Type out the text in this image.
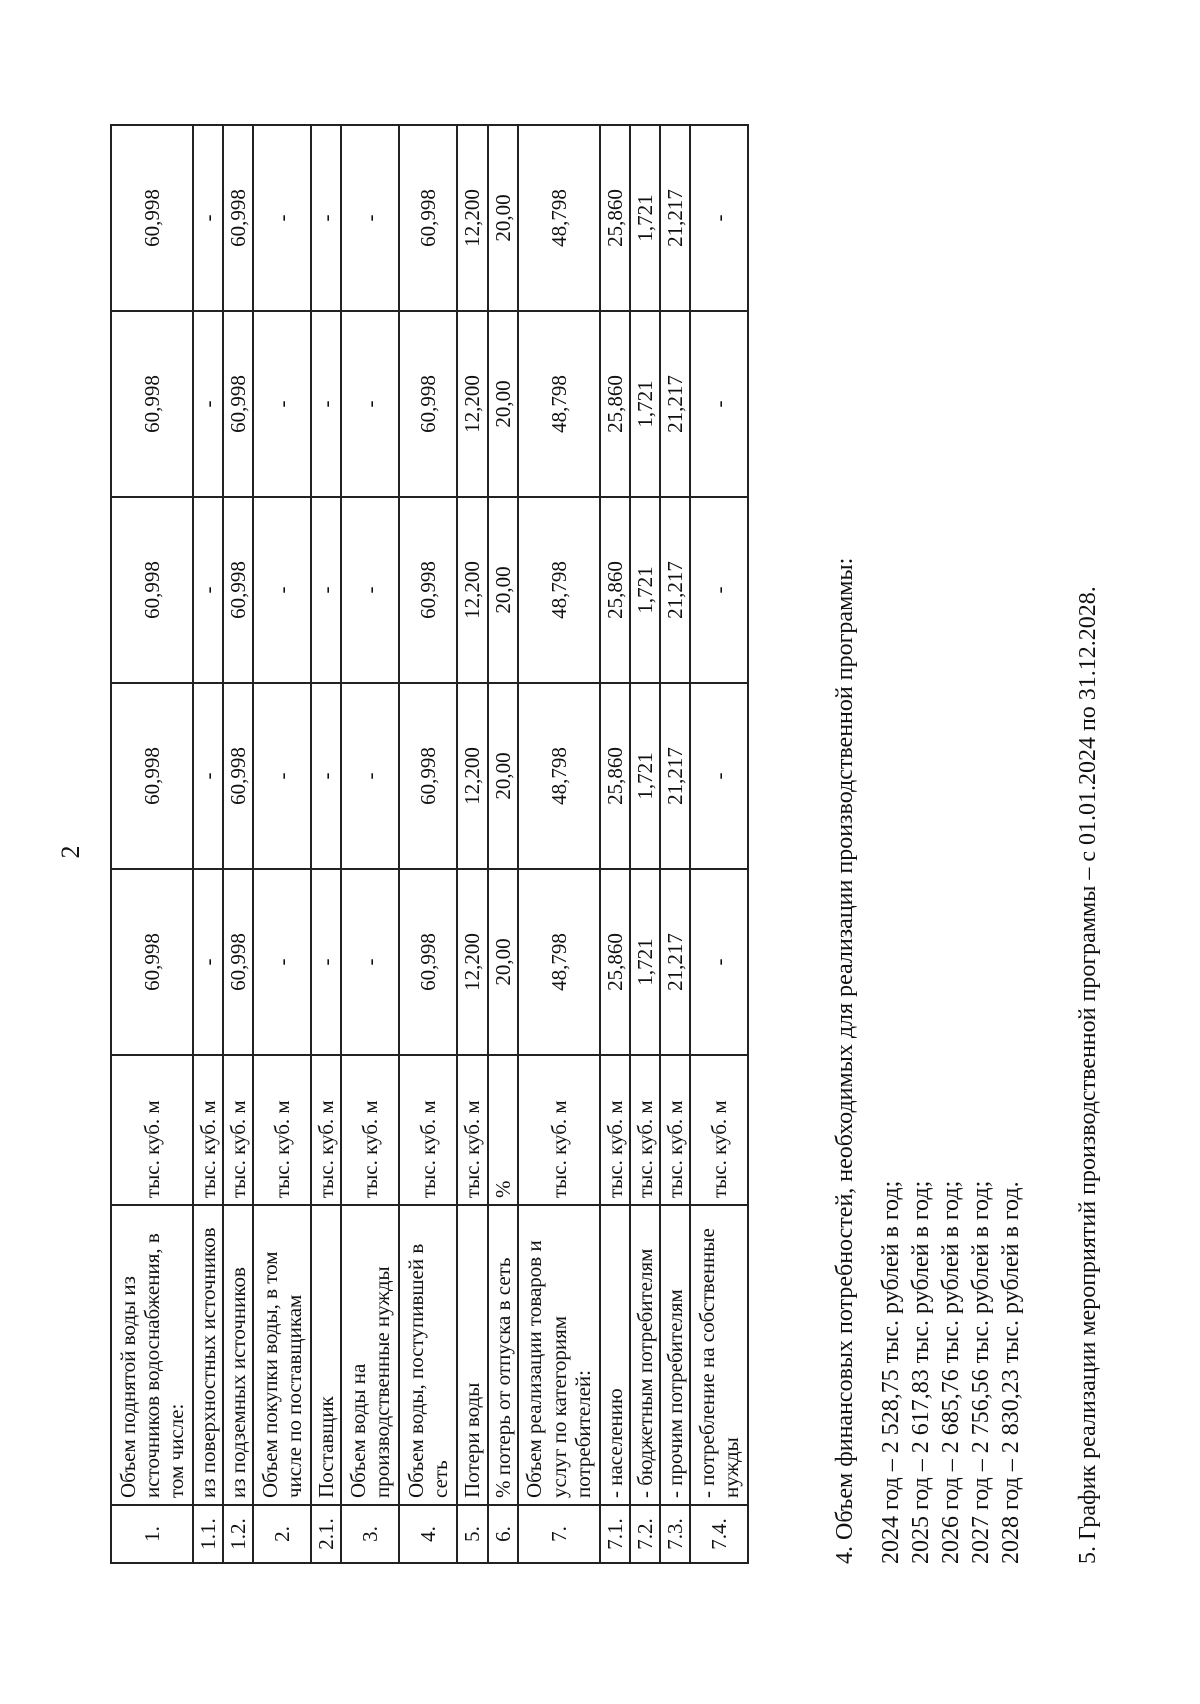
2
1.	Объем поднятой воды из источников водоснабжения, в том числе:	тыс. куб. м	60,998	60,998	60,998	60,998	60,998
1.1.	из поверхностных источников	тыс. куб. м	-	-	-	-	-
1.2.	из подземных источников	тыс. куб. м	60,998	60,998	60,998	60,998	60,998
2.	Объем покупки воды, в том числе по поставщикам	тыс. куб. м	-	-	-	-	-
2.1.	Поставщик	тыс. куб. м	-	-	-	-	-
3.	Объем воды на производственные нужды	тыс. куб. м	-	-	-	-	-
4.	Объем воды, поступившей в сеть	тыс. куб. м	60,998	60,998	60,998	60,998	60,998
5.	Потери воды	тыс. куб. м	12,200	12,200	12,200	12,200	12,200
6.	% потерь от отпуска в сеть	%	20,00	20,00	20,00	20,00	20,00
7.	Объем реализации товаров и услуг по категориям потребителей:	тыс. куб. м	48,798	48,798	48,798	48,798	48,798
7.1.	- населению	тыс. куб. м	25,860	25,860	25,860	25,860	25,860
7.2.	- бюджетным потребителям	тыс. куб. м	1,721	1,721	1,721	1,721	1,721
7.3.	- прочим потребителям	тыс. куб. м	21,217	21,217	21,217	21,217	21,217
7.4.	- потребление на собственные нужды	тыс. куб. м	-	-	-	-	-
4. Объем финансовых потребностей, необходимых для реализации производственной программы: 2024 год – 2 528,75 тыс. рублей в год; 2025 год – 2 617,83 тыс. рублей в год; 2026 год – 2 685,76 тыс. рублей в год; 2027 год – 2 756,56 тыс. рублей в год; 2028 год – 2 830,23 тыс. рублей в год. 5. График реализации мероприятий производственной программы – с 01.01.2024 по 31.12.2028.
